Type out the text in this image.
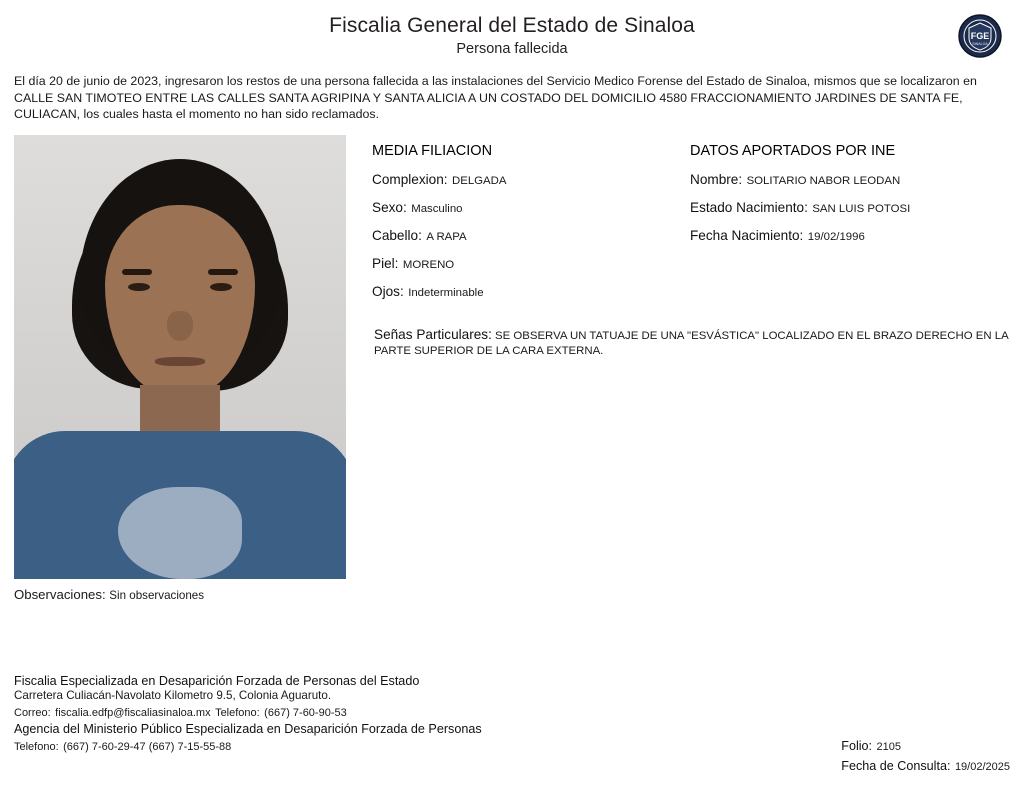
Fiscalia General del Estado de Sinaloa
Persona fallecida
FGE
SINALOA
El día 20 de junio de 2023, ingresaron los restos de una persona fallecida a las instalaciones del Servicio Medico Forense del Estado de Sinaloa, mismos que se localizaron en CALLE SAN TIMOTEO ENTRE LAS CALLES SANTA AGRIPINA Y SANTA ALICIA A UN COSTADO DEL DOMICILIO 4580 FRACCIONAMIENTO JARDINES DE SANTA FE, CULIACAN, los cuales hasta el momento no han sido reclamados.
Observaciones: Sin observaciones
MEDIA FILIACION
Complexion: DELGADA
Sexo: Masculino
Cabello: A RAPA
Piel: MORENO
Ojos: Indeterminable
DATOS APORTADOS POR INE
Nombre: SOLITARIO NABOR LEODAN
Estado Nacimiento: SAN LUIS POTOSI
Fecha Nacimiento: 19/02/1996
Señas Particulares: SE OBSERVA UN TATUAJE DE UNA "ESVÁSTICA" LOCALIZADO EN EL BRAZO DERECHO EN LA PARTE SUPERIOR DE LA CARA EXTERNA.
Fiscalia Especializada en Desaparición Forzada de Personas del Estado
Carretera Culiacán-Navolato Kilometro 9.5, Colonia Aguaruto.
Correo: fiscalia.edfp@fiscaliasinaloa.mx Telefono: (667) 7-60-90-53
Agencia del Ministerio Público Especializada en Desaparición Forzada de Personas
Telefono: (667) 7-60-29-47 (667) 7-15-55-88	Folio: 2105
Fecha de Consulta: 19/02/2025
